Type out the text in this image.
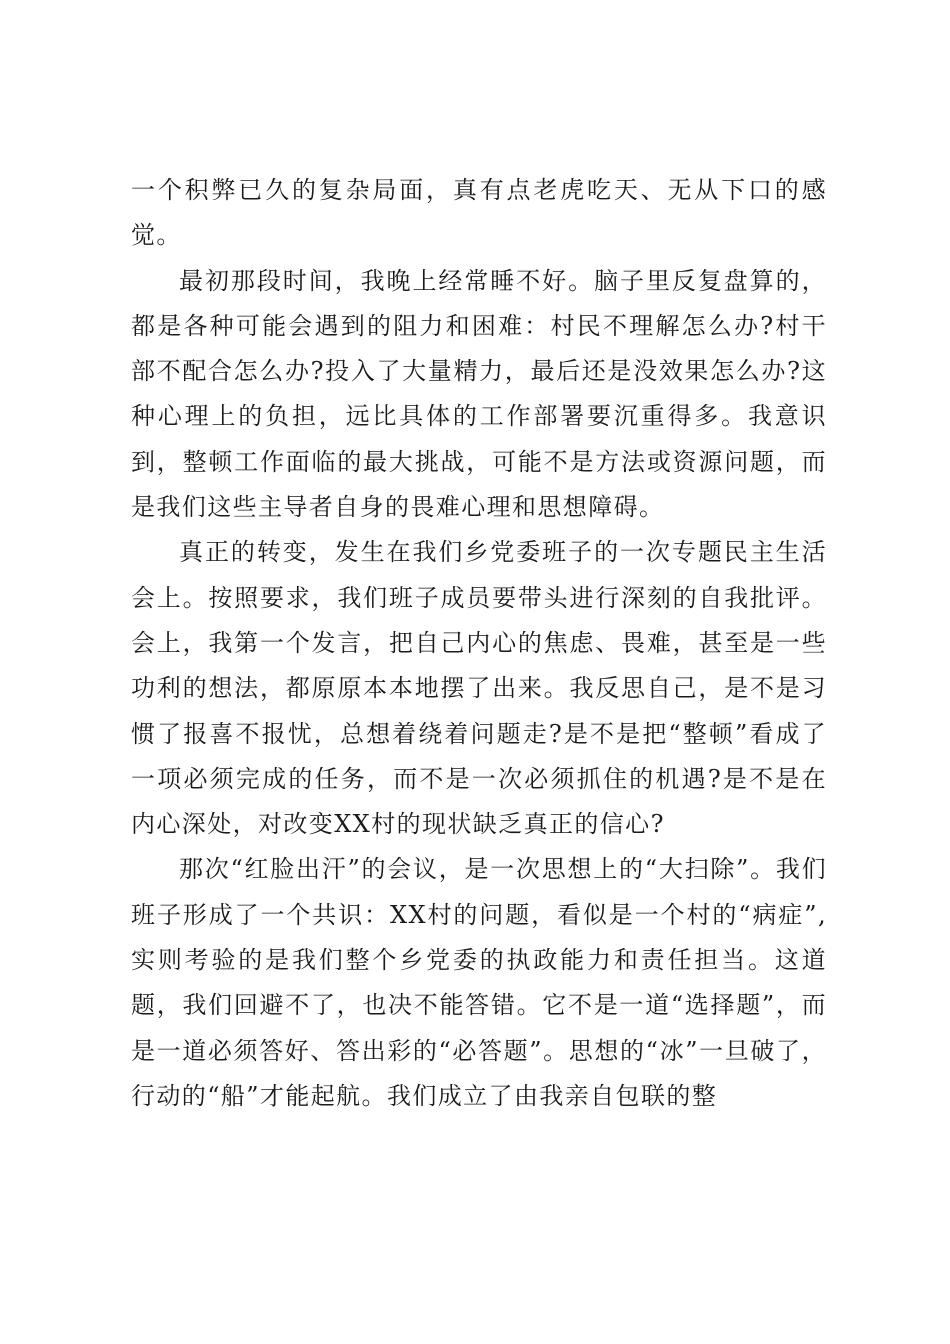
一个积弊已久的复杂局面，真有点老虎吃天、无从下口的感觉。

最初那段时间，我晚上经常睡不好。脑子里反复盘算的，都是各种可能会遇到的阻力和困难：村民不理解怎么办?村干部不配合怎么办?投入了大量精力，最后还是没效果怎么办?这种心理上的负担，远比具体的工作部署要沉重得多。我意识到，整顿工作面临的最大挑战，可能不是方法或资源问题，而是我们这些主导者自身的畏难心理和思想障碍。

真正的转变，发生在我们乡党委班子的一次专题民主生活会上。按照要求，我们班子成员要带头进行深刻的自我批评。会上，我第一个发言，把自己内心的焦虑、畏难，甚至是一些功利的想法，都原原本本地摆了出来。我反思自己，是不是习惯了报喜不报忧，总想着绕着问题走?是不是把“整顿”看成了一项必须完成的任务，而不是一次必须抓住的机遇?是不是在内心深处，对改变XX村的现状缺乏真正的信心?

那次“红脸出汗”的会议，是一次思想上的“大扫除”。我们班子形成了一个共识：XX村的问题，看似是一个村的“病症”,实则考验的是我们整个乡党委的执政能力和责任担当。这道题，我们回避不了，也决不能答错。它不是一道“选择题”，而是一道必须答好、答出彩的“必答题”。思想的“冰”一旦破了，行动的“船”才能起航。我们成立了由我亲自包联的整
